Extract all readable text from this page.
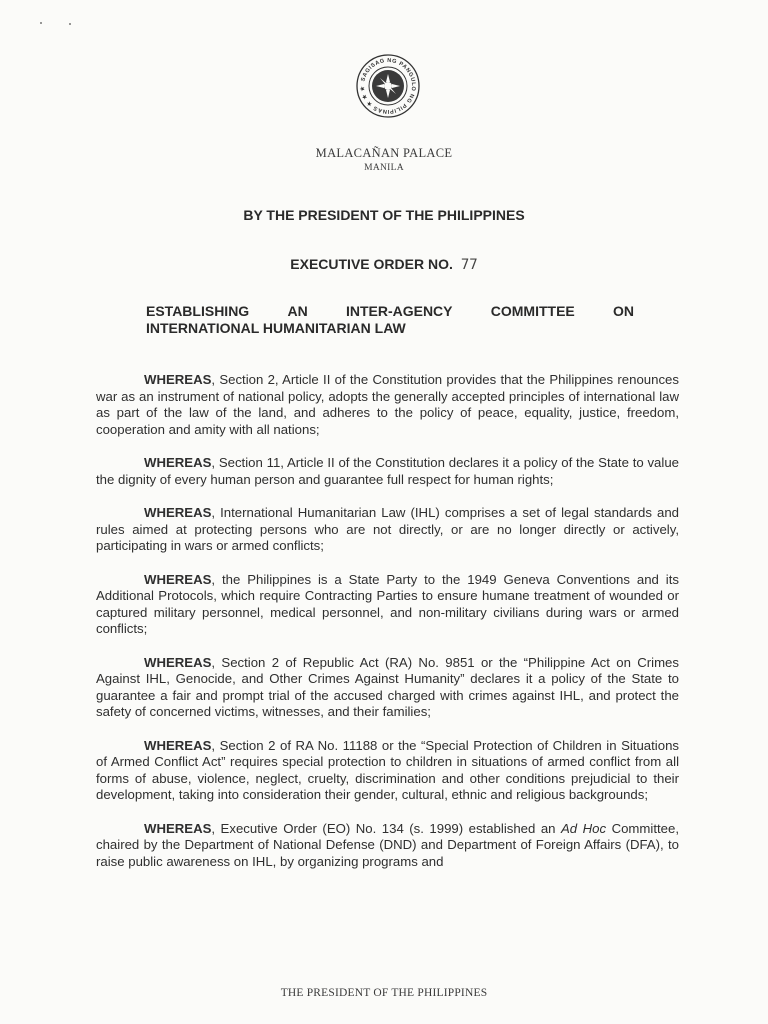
SAGISAG NG PANGULO NG PILIPINAS ★ ★ ★
MALACAÑAN PALACE
MANILA
BY THE PRESIDENT OF THE PHILIPPINES
EXECUTIVE ORDER NO. 77
ESTABLISHING	AN	INTER-AGENCY	COMMITTEE	ON
INTERNATIONAL HUMANITARIAN LAW

WHEREAS, Section 2, Article II of the Constitution provides that the Philippines renounces war as an instrument of national policy, adopts the generally accepted principles of international law as part of the law of the land, and adheres to the policy of peace, equality, justice, freedom, cooperation and amity with all nations;

WHEREAS, Section 11, Article II of the Constitution declares it a policy of the State to value the dignity of every human person and guarantee full respect for human rights;

WHEREAS, International Humanitarian Law (IHL) comprises a set of legal standards and rules aimed at protecting persons who are not directly, or are no longer directly or actively, participating in wars or armed conflicts;

WHEREAS, the Philippines is a State Party to the 1949 Geneva Conventions and its Additional Protocols, which require Contracting Parties to ensure humane treatment of wounded or captured military personnel, medical personnel, and non-military civilians during wars or armed conflicts;

WHEREAS, Section 2 of Republic Act (RA) No. 9851 or the “Philippine Act on Crimes Against IHL, Genocide, and Other Crimes Against Humanity” declares it a policy of the State to guarantee a fair and prompt trial of the accused charged with crimes against IHL, and protect the safety of concerned victims, witnesses, and their families;

WHEREAS, Section 2 of RA No. 11188 or the “Special Protection of Children in Situations of Armed Conflict Act” requires special protection to children in situations of armed conflict from all forms of abuse, violence, neglect, cruelty, discrimination and other conditions prejudicial to their development, taking into consideration their gender, cultural, ethnic and religious backgrounds;

WHEREAS, Executive Order (EO) No. 134 (s. 1999) established an Ad Hoc Committee, chaired by the Department of National Defense (DND) and Department of Foreign Affairs (DFA), to raise public awareness on IHL, by organizing programs and

THE PRESIDENT OF THE PHILIPPINES
